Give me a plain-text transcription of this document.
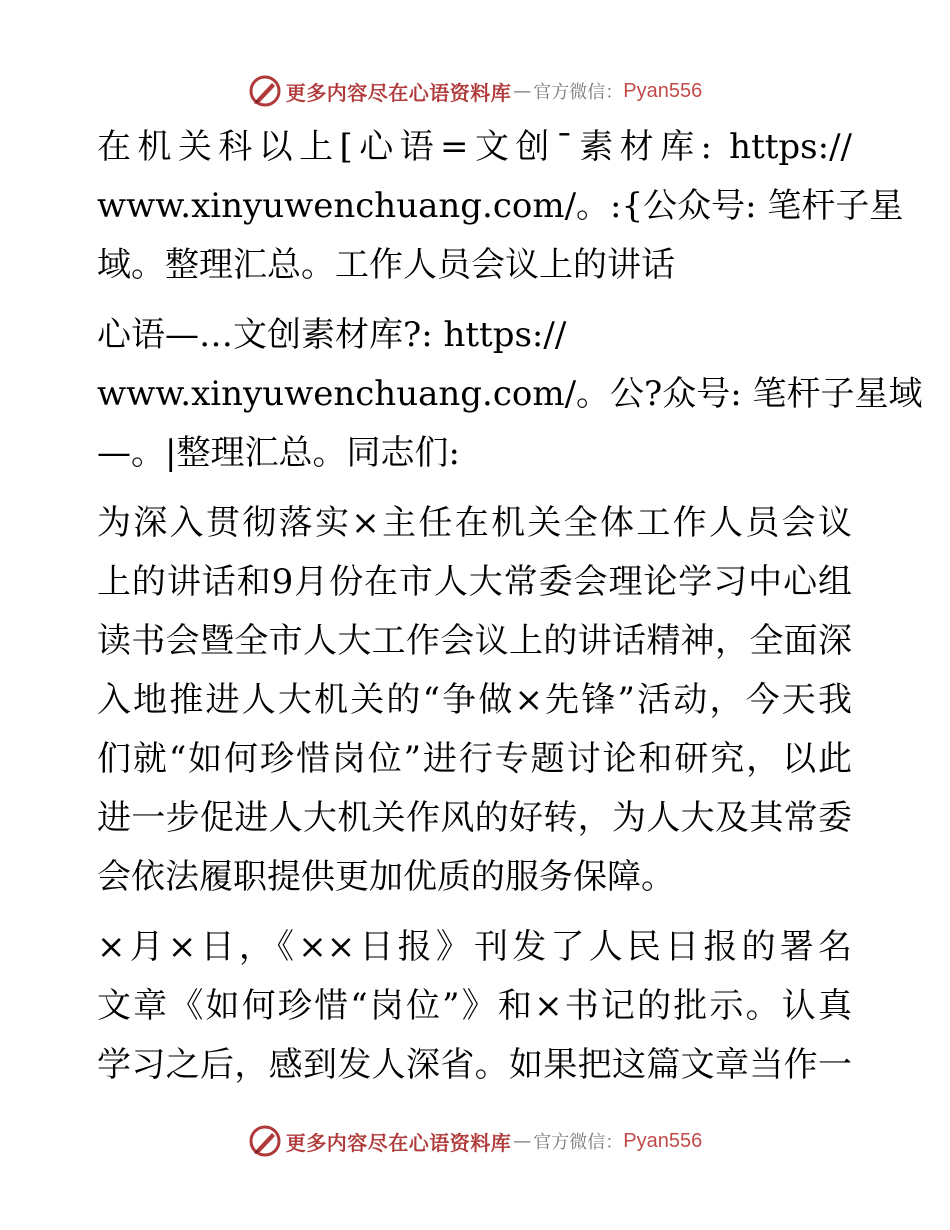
更多内容尽在心语资料库 — 官方微信： Pyan556

在机关科以上[心语=文创¯素材库: https://
www.xinyuwenchuang.com/。:{公众号: 笔杆子星
域。整理汇总。工作人员会议上的讲话

心语—…文创素材库?: https://
www.xinyuwenchuang.com/。公?众号: 笔杆子星域
—。|整理汇总。同志们:

为深入贯彻落实×主任在机关全体工作人员会议
上的讲话和9月份在市人大常委会理论学习中心组
读书会暨全市人大工作会议上的讲话精神，全面深
入地推进人大机关的“争做×先锋”活动，今天我
们就“如何珍惜岗位”进行专题讨论和研究，以此
进一步促进人大机关作风的好转，为人大及其常委
会依法履职提供更加优质的服务保障。

×月×日，《××日报》刊发了人民日报的署名
文章《如何珍惜“岗位”》和×书记的批示。认真
学习之后，感到发人深省。如果把这篇文章当作一

更多内容尽在心语资料库 — 官方微信： Pyan556
